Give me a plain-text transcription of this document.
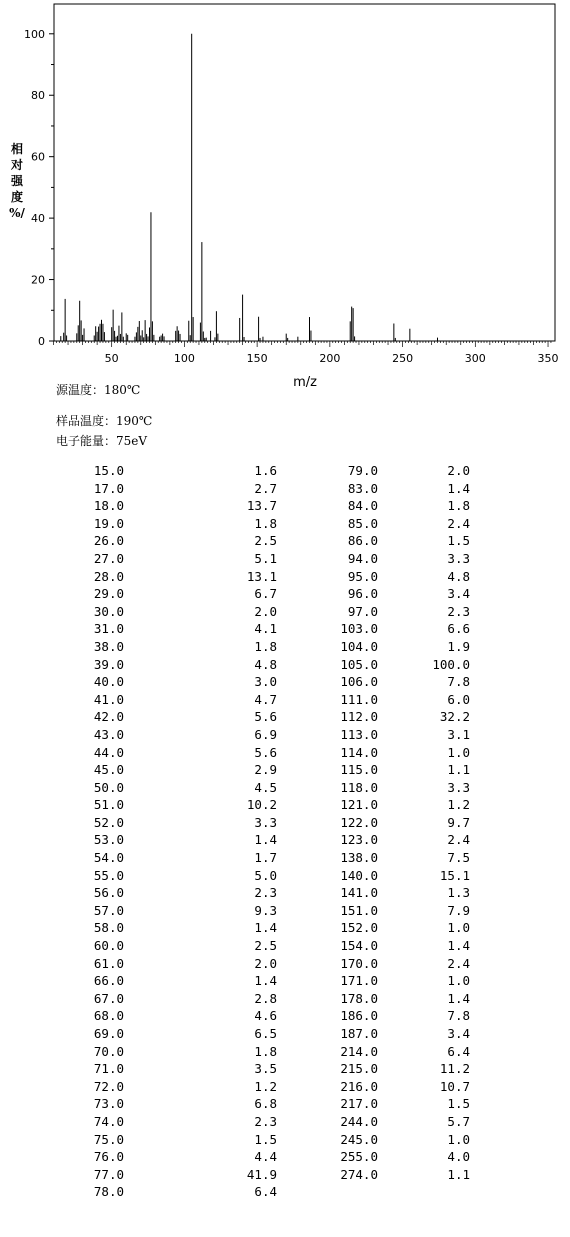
0
20
40
60
80
100
50	100	150	200	250	300	350
相
对
强
度
%/
m/z
源温度：180℃
样品温度：190℃
电子能量：75eV
15.0	1.6
17.0	2.7
18.0	13.7
19.0	1.8
26.0	2.5
27.0	5.1
28.0	13.1
29.0	6.7
30.0	2.0
31.0	4.1
38.0	1.8
39.0	4.8
40.0	3.0
41.0	4.7
42.0	5.6
43.0	6.9
44.0	5.6
45.0	2.9
50.0	4.5
51.0	10.2
52.0	3.3
53.0	1.4
54.0	1.7
55.0	5.0
56.0	2.3
57.0	9.3
58.0	1.4
60.0	2.5
61.0	2.0
66.0	1.4
67.0	2.8
68.0	4.6
69.0	6.5
70.0	1.8
71.0	3.5
72.0	1.2
73.0	6.8
74.0	2.3
75.0	1.5
76.0	4.4
77.0	41.9
78.0	6.4
79.0	2.0
83.0	1.4
84.0	1.8
85.0	2.4
86.0	1.5
94.0	3.3
95.0	4.8
96.0	3.4
97.0	2.3
103.0	6.6
104.0	1.9
105.0	100.0
106.0	7.8
111.0	6.0
112.0	32.2
113.0	3.1
114.0	1.0
115.0	1.1
118.0	3.3
121.0	1.2
122.0	9.7
123.0	2.4
138.0	7.5
140.0	15.1
141.0	1.3
151.0	7.9
152.0	1.0
154.0	1.4
170.0	2.4
171.0	1.0
178.0	1.4
186.0	7.8
187.0	3.4
214.0	6.4
215.0	11.2
216.0	10.7
217.0	1.5
244.0	5.7
245.0	1.0
255.0	4.0
274.0	1.1
